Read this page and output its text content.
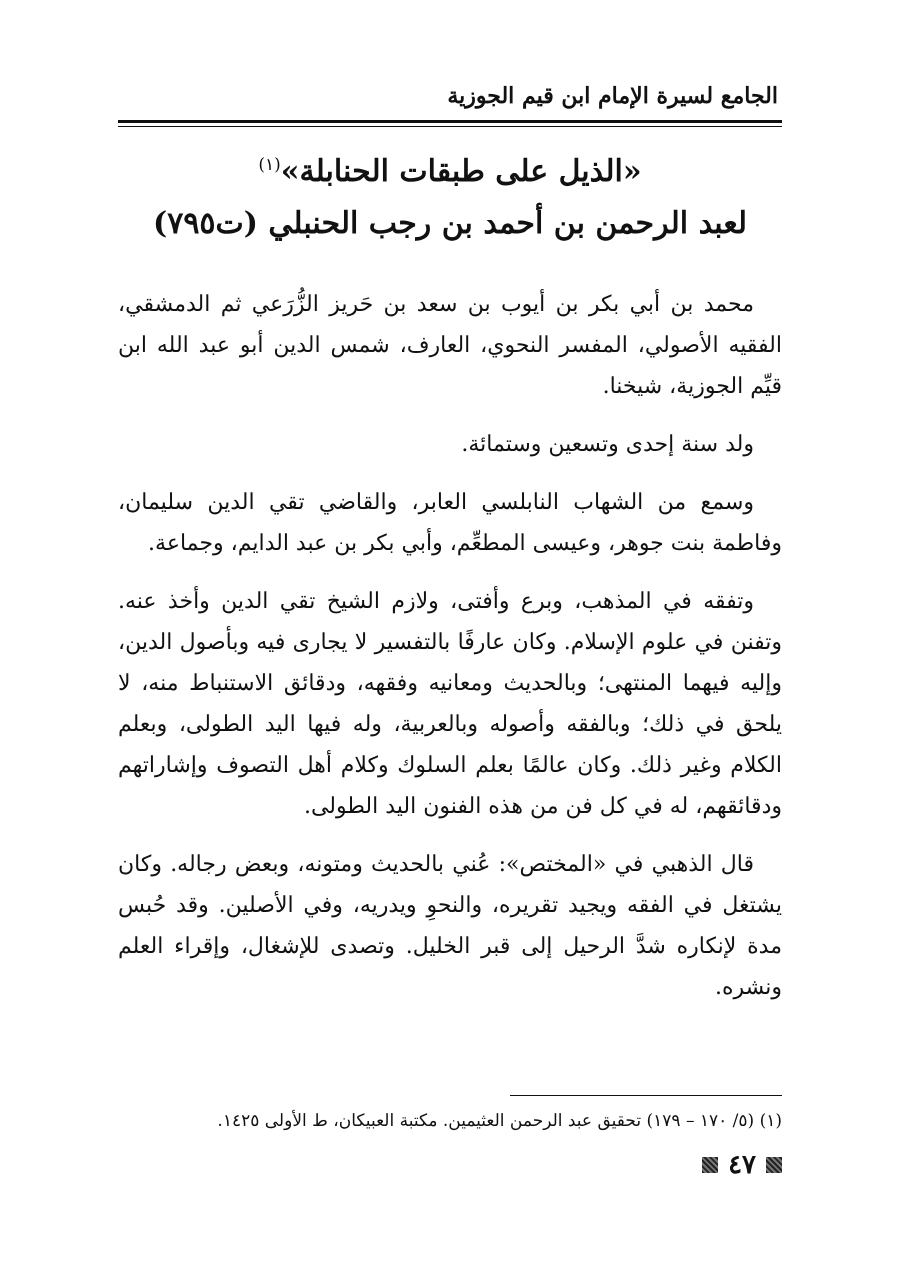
الجامع لسيرة الإمام ابن قيم الجوزية
«الذيل على طبقات الحنابلة»$^{(١)}$
لعبد الرحمن بن أحمد بن رجب الحنبلي (ت٧٩٥)

محمد بن أبي بكر بن أيوب بن سعد بن حَريز الزُّرَعي ثم الدمشقي، الفقيه الأصولي، المفسر النحوي، العارف، شمس الدين أبو عبد الله ابن قيِّم الجوزية، شيخنا.

ولد سنة إحدى وتسعين وستمائة.

وسمع من الشهاب النابلسي العابر، والقاضي تقي الدين سليمان، وفاطمة بنت جوهر، وعيسى المطعِّم، وأبي بكر بن عبد الدايم، وجماعة.

وتفقه في المذهب، وبرع وأفتى، ولازم الشيخ تقي الدين وأخذ عنه. وتفنن في علوم الإسلام. وكان عارفًا بالتفسير لا يجارى فيه وبأصول الدين، وإليه فيهما المنتهى؛ وبالحديث ومعانيه وفقهه، ودقائق الاستنباط منه، لا يلحق في ذلك؛ وبالفقه وأصوله وبالعربية، وله فيها اليد الطولى، وبعلم الكلام وغير ذلك. وكان عالمًا بعلم السلوك وكلام أهل التصوف وإشاراتهم ودقائقهم، له في كل فن من هذه الفنون اليد الطولى.

قال الذهبي في «المختص»: عُني بالحديث ومتونه، وبعض رجاله. وكان يشتغل في الفقه ويجيد تقريره، والنحوِ ويدريه، وفي الأصلين. وقد حُبس مدة لإنكاره شدَّ الرحيل إلى قبر الخليل. وتصدى للإشغال، وإقراء العلم ونشره.

(١) (٥/ ١٧٠ – ١٧٩) تحقيق عبد الرحمن العثيمين. مكتبة العبيكان، ط الأولى ١٤٢٥.
٤٧
